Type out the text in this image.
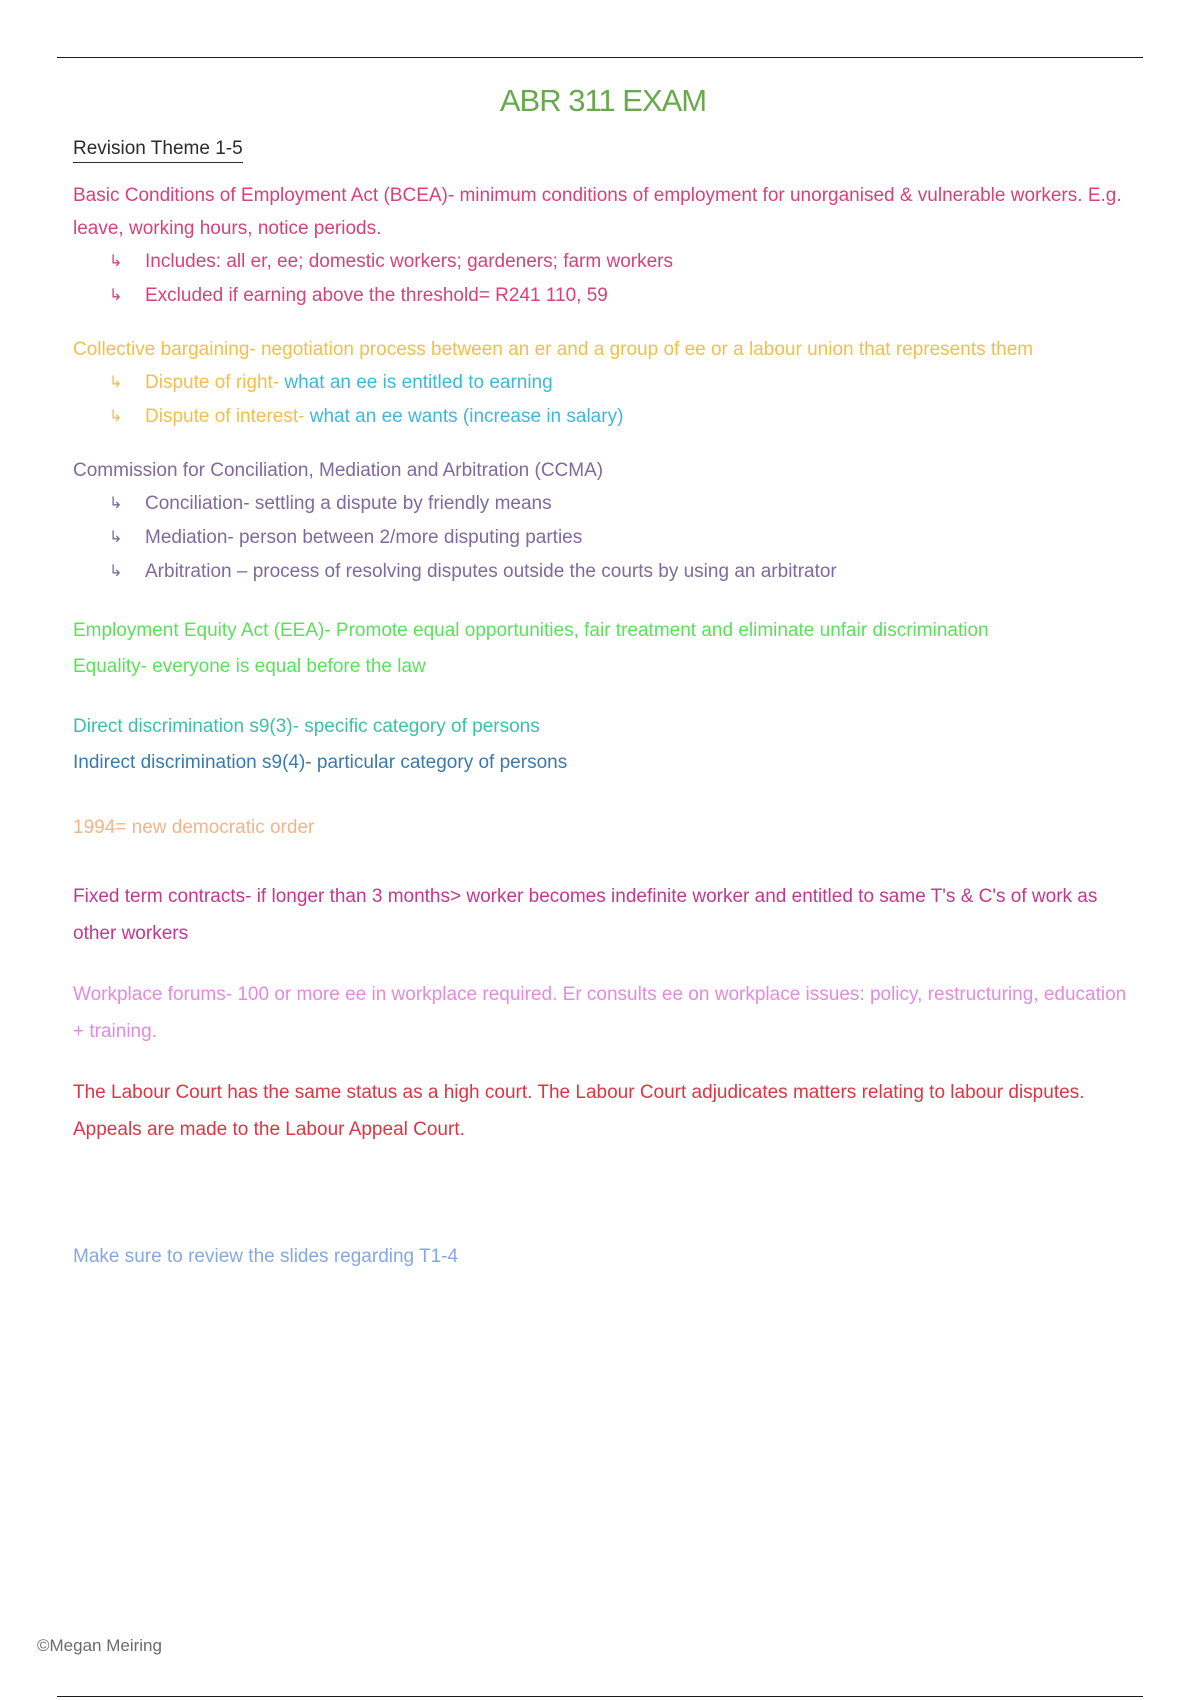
ABR 311 EXAM
Revision Theme 1-5

Basic Conditions of Employment Act (BCEA)- minimum conditions of employment for unorganised & vulnerable workers. E.g. leave, working hours, notice periods.

↳	Includes: all er, ee; domestic workers; gardeners; farm workers
↳	Excluded if earning above the threshold= R241 110, 59

Collective bargaining- negotiation process between an er and a group of ee or a labour union that represents them

↳	Dispute of right- what an ee is entitled to earning
↳	Dispute of interest- what an ee wants (increase in salary)

Commission for Conciliation, Mediation and Arbitration (CCMA)

↳	Conciliation- settling a dispute by friendly means
↳	Mediation- person between 2/more disputing parties
↳	Arbitration – process of resolving disputes outside the courts by using an arbitrator

Employment Equity Act (EEA)- Promote equal opportunities, fair treatment and eliminate unfair discrimination

Equality- everyone is equal before the law

Direct discrimination s9(3)- specific category of persons

Indirect discrimination s9(4)- particular category of persons

1994= new democratic order

Fixed term contracts- if longer than 3 months> worker becomes indefinite worker and entitled to same T's & C's of work as other workers

Workplace forums- 100 or more ee in workplace required. Er consults ee on workplace issues: policy, restructuring, education + training.

The Labour Court has the same status as a high court. The Labour Court adjudicates matters relating to labour disputes. Appeals are made to the Labour Appeal Court.

Make sure to review the slides regarding T1-4

©Megan Meiring
